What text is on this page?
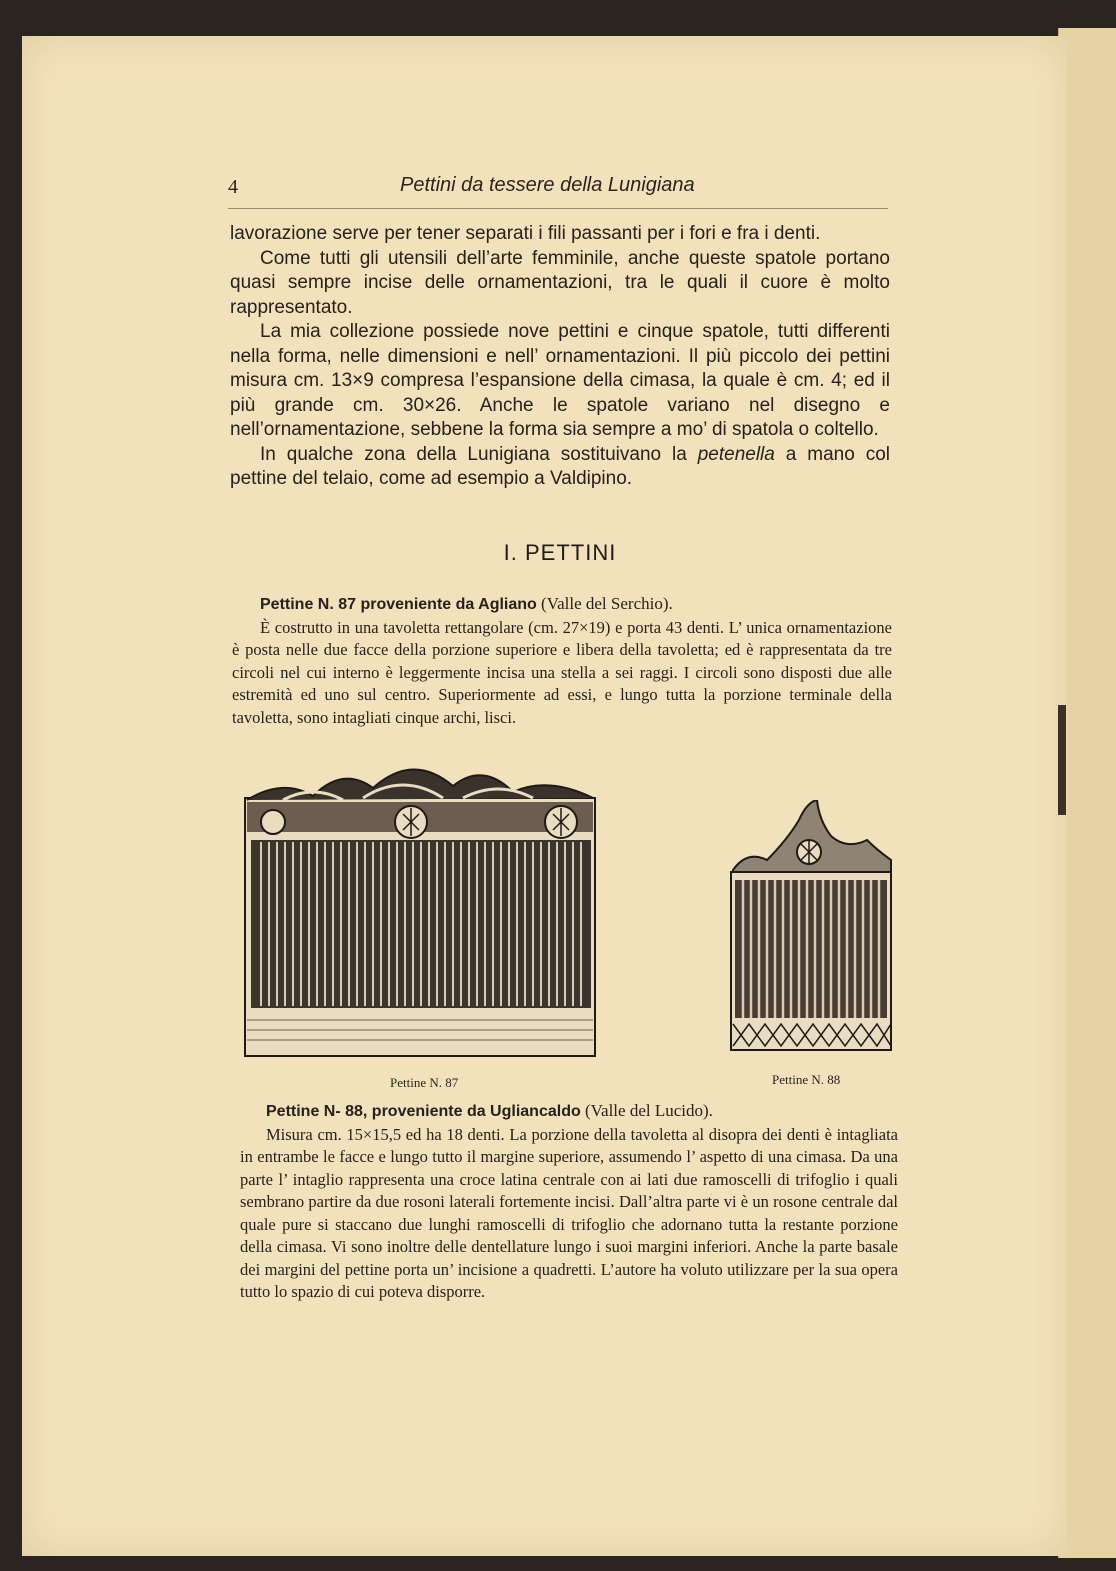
4	Pettini da tessere della Lunigiana

lavorazione serve per tener separati i fili passanti per i fori e fra i denti.

Come tutti gli utensili dell’arte femminile, anche queste spatole portano quasi sempre incise delle ornamentazioni, tra le quali il cuore è molto rappresentato.

La mia collezione possiede nove pettini e cinque spatole, tutti differenti nella forma, nelle dimensioni e nell’ ornamentazioni. Il più piccolo dei pettini misura cm. 13×9 compresa l’espansione della cimasa, la quale è cm. 4; ed il più grande cm. 30×26. Anche le spatole variano nel disegno e nell’ornamentazione, sebbene la forma sia sempre a mo’ di spatola o coltello.

In qualche zona della Lunigiana sostituivano la petenella a mano col pettine del telaio, come ad esempio a Valdipino.

I. PETTINI

Pettine N. 87 proveniente da Agliano (Valle del Serchio).

È costrutto in una tavoletta rettangolare (cm. 27×19) e porta 43 denti. L’ unica ornamentazione è posta nelle due facce della porzione superiore e libera della tavoletta; ed è rappresentata da tre circoli nel cui interno è leggermente incisa una stella a sei raggi. I circoli sono disposti due alle estremità ed uno sul centro. Superiormente ad essi, e lungo tutta la porzione terminale della tavoletta, sono intagliati cinque archi, lisci.

Pettine N. 87	Pettine N. 88

Pettine N- 88, proveniente da Ugliancaldo (Valle del Lucido).

Misura cm. 15×15,5 ed ha 18 denti. La porzione della tavoletta al disopra dei denti è intagliata in entrambe le facce e lungo tutto il margine superiore, assumendo l’ aspetto di una cimasa. Da una parte l’ intaglio rappresenta una croce latina centrale con ai lati due ramoscelli di trifoglio i quali sembrano partire da due rosoni laterali fortemente incisi. Dall’altra parte vi è un rosone centrale dal quale pure si staccano due lunghi ramoscelli di trifoglio che adornano tutta la restante porzione della cimasa. Vi sono inoltre delle dentellature lungo i suoi margini inferiori. Anche la parte basale dei margini del pettine porta un’ incisione a quadretti. L’autore ha voluto utilizzare per la sua opera tutto lo spazio di cui poteva disporre.
